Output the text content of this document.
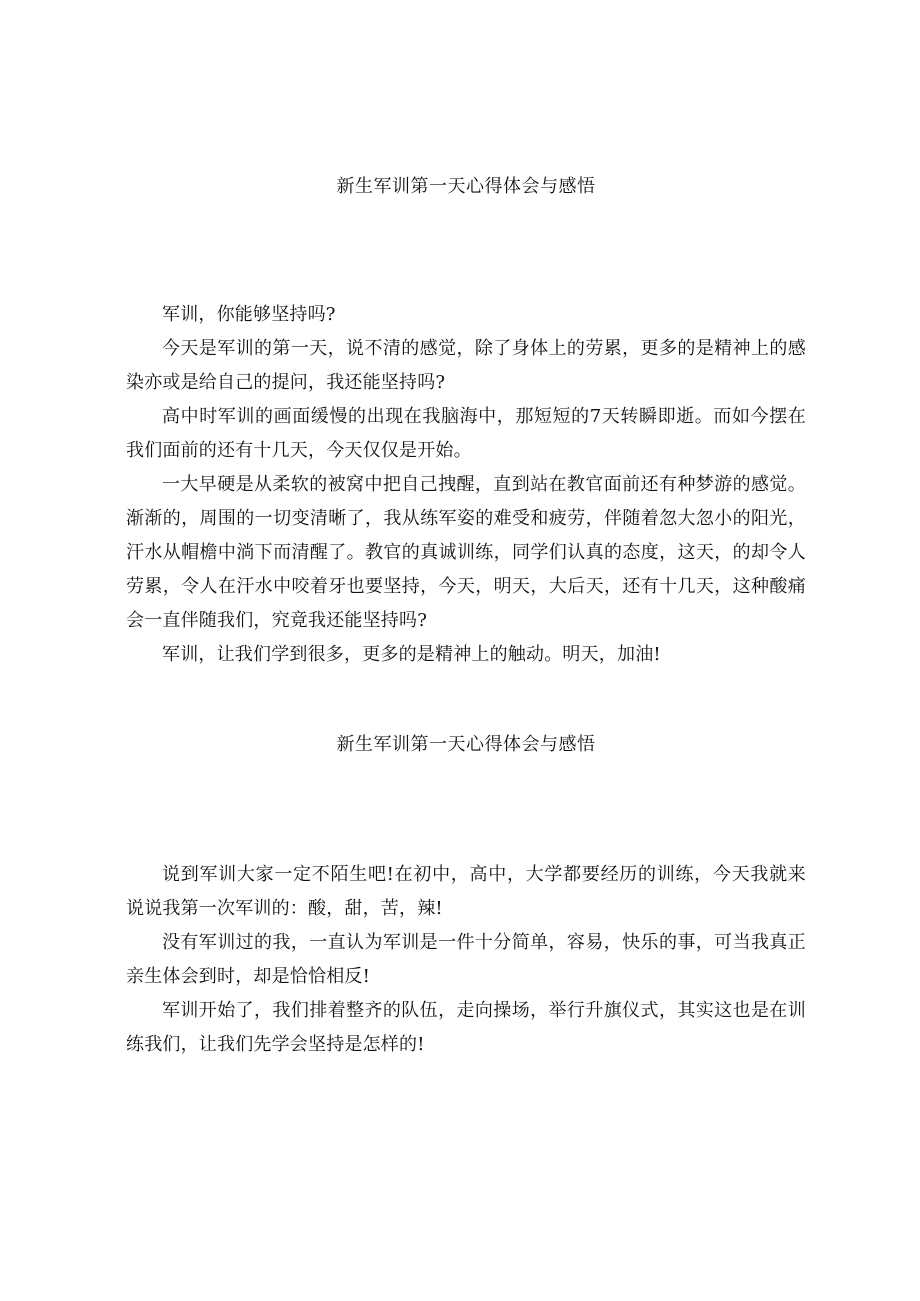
新生军训第一天心得体会与感悟

军训，你能够坚持吗?

今天是军训的第一天，说不清的感觉，除了身体上的劳累，更多的是精神上的感染亦或是给自己的提问，我还能坚持吗?

高中时军训的画面缓慢的出现在我脑海中，那短短的7天转瞬即逝。而如今摆在我们面前的还有十几天，今天仅仅是开始。

一大早硬是从柔软的被窝中把自己拽醒，直到站在教官面前还有种梦游的感觉。渐渐的，周围的一切变清晰了，我从练军姿的难受和疲劳，伴随着忽大忽小的阳光，汗水从帽檐中淌下而清醒了。教官的真诚训练，同学们认真的态度，这天，的却令人劳累，令人在汗水中咬着牙也要坚持，今天，明天，大后天，还有十几天，这种酸痛会一直伴随我们，究竟我还能坚持吗?

军训，让我们学到很多，更多的是精神上的触动。明天，加油!

新生军训第一天心得体会与感悟

说到军训大家一定不陌生吧!在初中，高中，大学都要经历的训练，今天我就来说说我第一次军训的：酸，甜，苦，辣!

没有军训过的我，一直认为军训是一件十分简单，容易，快乐的事，可当我真正亲生体会到时，却是恰恰相反!

军训开始了，我们排着整齐的队伍，走向操场，举行升旗仪式，其实这也是在训练我们，让我们先学会坚持是怎样的!
